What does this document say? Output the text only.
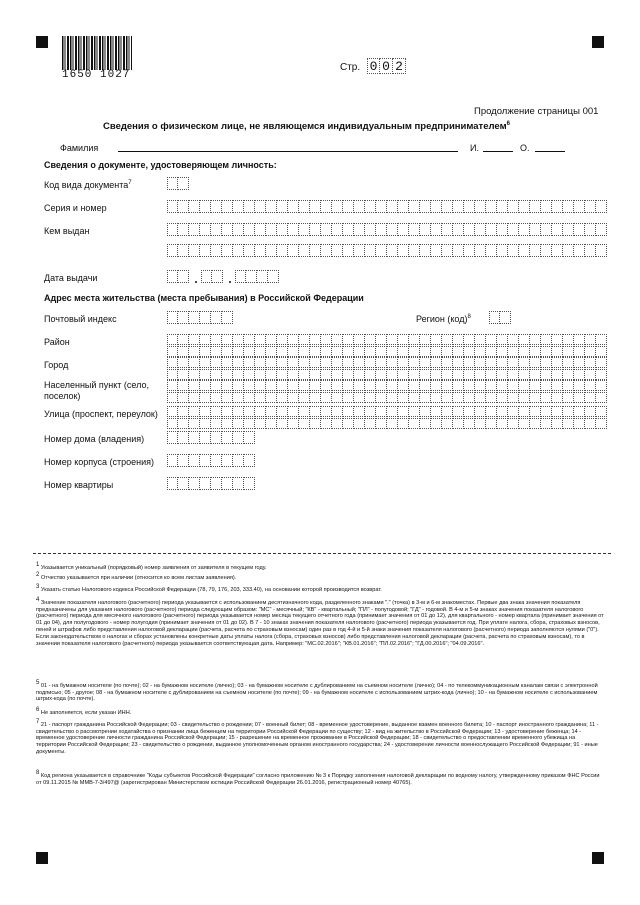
1650 1027
Стр. 0 0 2
Продолжение страницы 001
Сведения о физическом лице, не являющемся индивидуальным предпринимателем$^6$
Фамилия	И.	О.
Сведения о документе, удостоверяющем личность:
Код вида документа$^7$
Серия и номер
Кем выдан
Дата выдачи
Адрес места жительства (места пребывания) в Российской Федерации
Почтовый индекс	Регион (код)$^8$
Район
Город
Населенный пункт (село,
поселок)
Улица (проспект, переулок)
Номер дома (владения)
Номер корпуса (строения)
Номер квартиры
1 Указывается уникальный (порядковый) номер заявления от заявителя в текущем году.
2 Отчество указывается при наличии (относится ко всем листам заявления).
3 Указать статью Налогового кодекса Российской Федерации (78, 79, 176, 203, 333.40), на основании которой производится возврат.
4 Значение показателя налогового (расчетного) периода указывается с использованием десятизначного кода, разделенного знаками "." (точка) в 3-м и 6-м знакоместах. Первые два знака значения показателя предназначены для указания налогового (расчетного) периода следующим образом: "МС" - месячный; "КВ" - квартальный; "ПЛ" - полугодовой; "ГД" - годовой. В 4-м и 5-м знаках значения показателя налогового (расчетного) периода для месячного налогового (расчетного) периода указывается номер месяца текущего отчетного года (принимает значения от 01 до 12), для квартального - номер квартала (принимает значения от 01 до 04), для полугодового - номер полугодия (принимает значения от 01 до 02). В 7 - 10 знаках значения показателя налогового (расчетного) периода указывается год. При уплате налога, сбора, страховых взносов, пеней и штрафов либо представления налоговой декларации (расчета, расчета по страховым взносам) один раз в год 4-й и 5-й знаки значения показателя налогового (расчетного) периода заполняются нулями ("0"). Если законодательством о налогах и сборах установлены конкретные даты уплаты налога (сбора, страховых взносов) либо представления налоговой декларации (расчета, расчета по страховым взносам), то в значении показателя налогового (расчетного) периода указывается соответствующая дата. Например: "МС.02.2016"; "КВ.01.2016"; "ПЛ.02.2016"; "ГД.00.2016"; "04.09.2016".
5 01 - на бумажном носителе (по почте); 02 - на бумажном носителе (лично); 03 - на бумажном носителе с дублированием на съемном носителе (лично); 04 - по телекоммуникационным каналам связи с электронной подписью; 05 - другое; 08 - на бумажном носителе с дублированием на съемном носителе (по почте); 09 - на бумажном носителе с использованием штрих-кода (лично); 10 - на бумажном носителе с использованием штрих-кода (по почте).
6 Не заполняется, если указан ИНН.
7 21 - паспорт гражданина Российской Федерации; 03 - свидетельство о рождении; 07 - военный билет; 08 - временное удостоверение, выданное взамен военного билета; 10 - паспорт иностранного гражданина; 11 - свидетельство о рассмотрении ходатайства о признании лица беженцем на территории Российской Федерации по существу; 12 - вид на жительство в Российской Федерации; 13 - удостоверение беженца; 14 - временное удостоверение личности гражданина Российской Федерации; 15 - разрешение на временное проживание в Российской Федерации; 18 - свидетельство о предоставлении временного убежища на территории Российской Федерации; 23 - свидетельство о рождении, выданное уполномоченным органом иностранного государства; 24 - удостоверение личности военнослужащего Российской Федерации; 91 - иные документы.
8 Код региона указывается в справочнике "Коды субъектов Российской Федерации" согласно приложению № 3 к Порядку заполнения налоговой декларации по водному налогу, утвержденному приказом ФНС России от 09.11.2015 № ММВ-7-3/497@ (зарегистрирован Министерством юстиции Российской Федерации 26.01.2016, регистрационный номер 40765).
